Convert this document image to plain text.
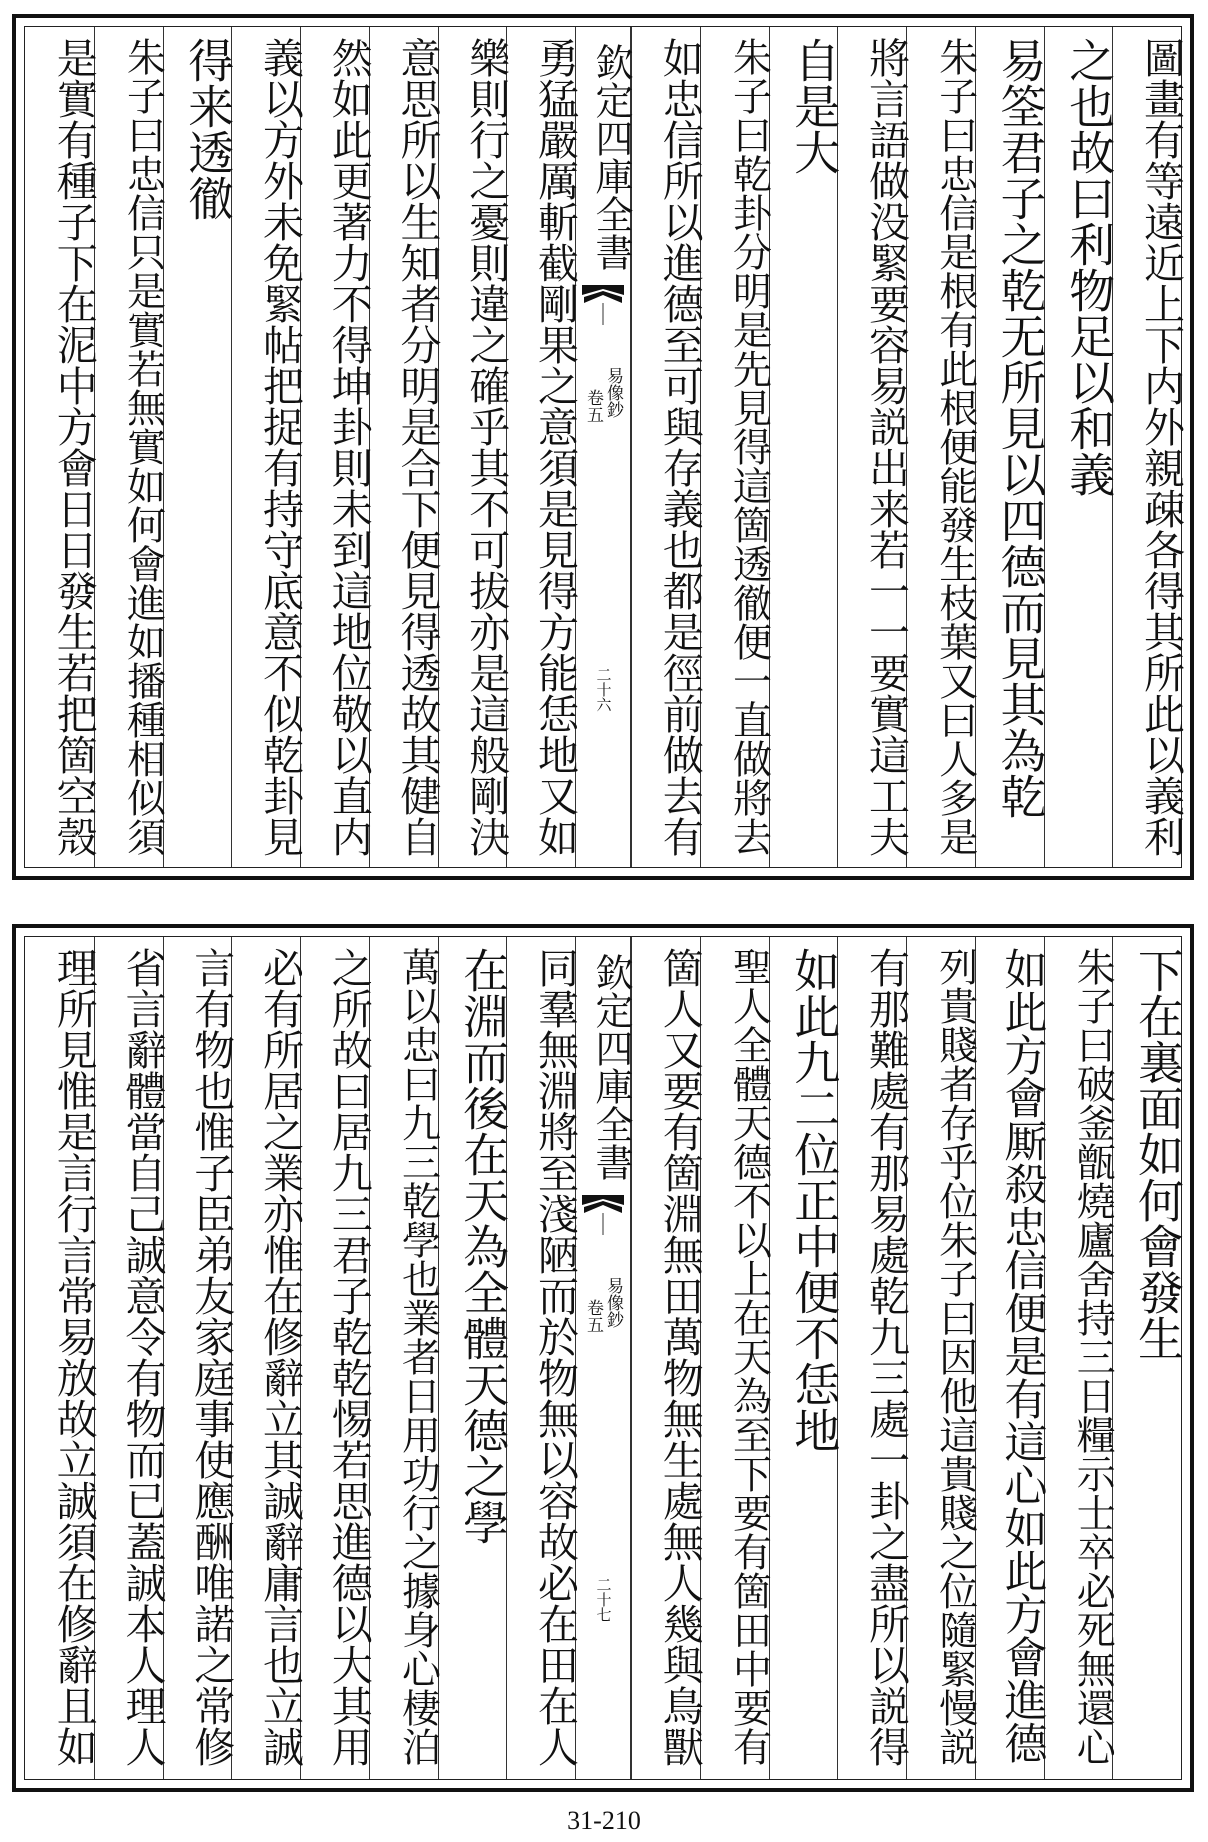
圖畫有等遠近上下内外親疎各得其所此以義利
之也故曰利物足以和義
易筌君子之乾无所見以四德而見其為乾
朱子曰忠信是根有此根便能發生枝葉又曰人多是
將言語做没緊要容易説出来若一一要實這工夫
自是大
朱子曰乾卦分明是先見得這箇透徹便一直做將去
如忠信所以進德至可與存義也都是徑前做去有
欽定四庫全書
易像鈔
卷五
二十六
勇猛嚴厲斬截剛果之意須是見得方能恁地又如
樂則行之憂則違之確乎其不可拔亦是這般剛決
意思所以生知者分明是合下便見得透故其健自
然如此更著力不得坤卦則未到這地位敬以直内
義以方外未免緊帖把捉有持守底意不似乾卦見
得来透徹
朱子曰忠信只是實若無實如何會進如播種相似須
是實有種子下在泥中方會日日發生若把箇空殼
下在裏面如何會發生
朱子曰破釜甑燒廬舍持三日糧示士卒必死無還心
如此方會厮殺忠信便是有這心如此方會進德
列貴賤者存乎位朱子曰因他這貴賤之位隨緊慢説
有那難處有那易處乾九三處一卦之盡所以説得
如此九二位正中便不恁地
聖人全體天德不以上在天為至下要有箇田中要有
箇人又要有箇淵無田萬物無生處無人幾與鳥獸
欽定四庫全書
易像鈔
卷五
二十七
同羣無淵將至淺陋而於物無以容故必在田在人
在淵而後在天為全體天德之學
萬以忠曰九三乾學也業者日用功行之據身心棲泊
之所故曰居九三君子乾乾惕若思進德以大其用
必有所居之業亦惟在修辭立其誠辭庸言也立誠
言有物也惟子臣弟友家庭事使應酬唯諾之常修
省言辭體當自己誠意令有物而已蓋誠本人理人
理所見惟是言行言常易放故立誠須在修辭且如
31-210
